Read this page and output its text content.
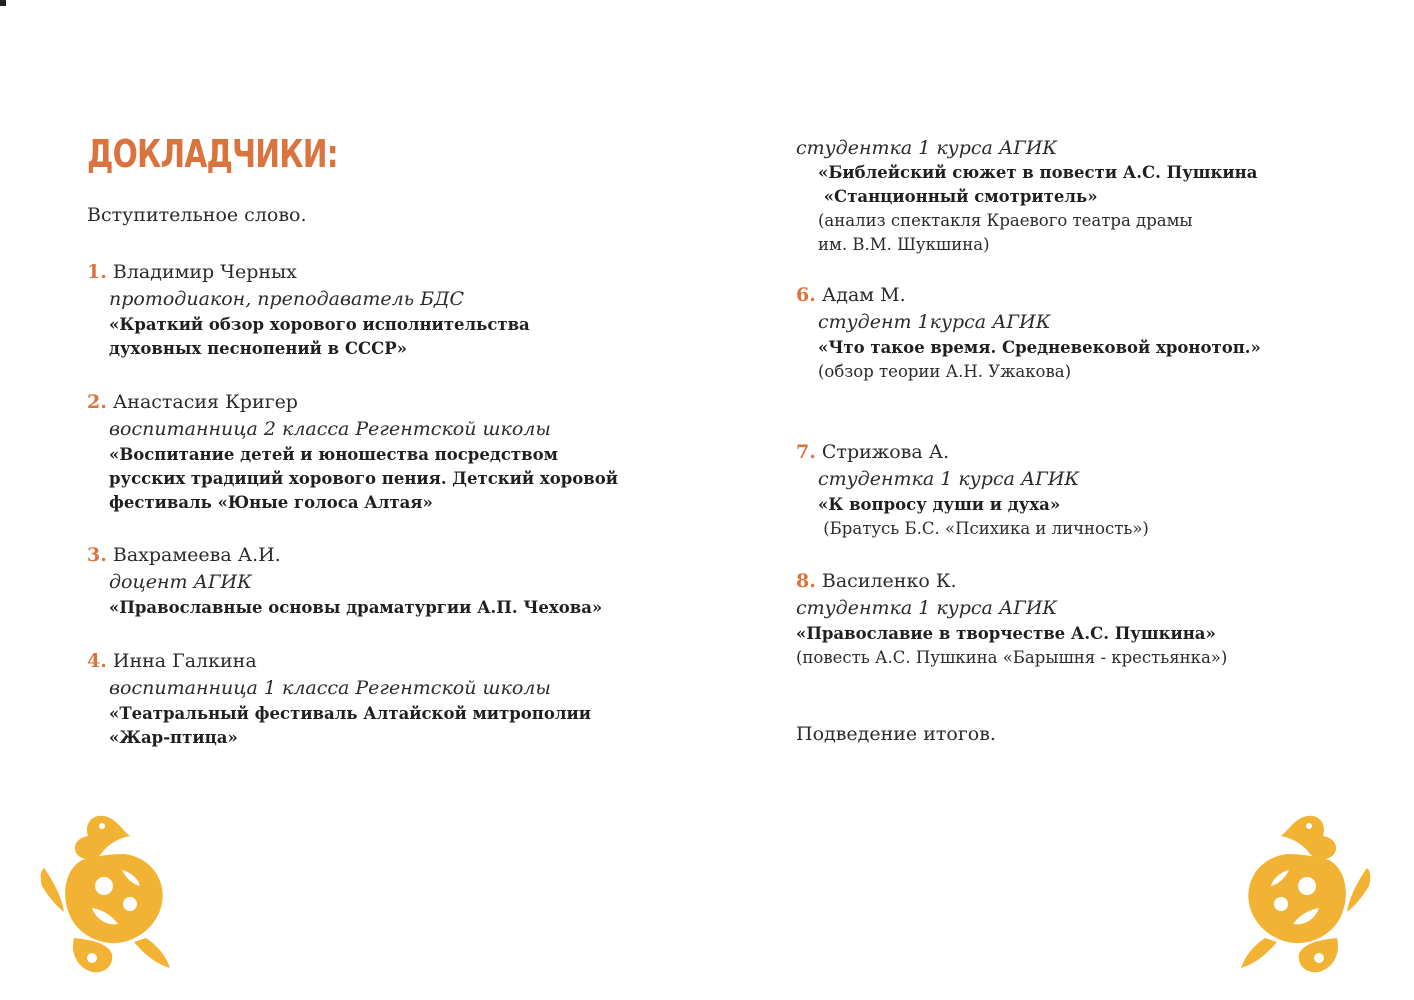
ДОКЛАДЧИКИ:
Вступительное слово.
1. Владимир Черных
протодиакон, преподаватель БДС
«Краткий обзор хорового исполнительства
духовных песнопений в СССР»
2. Анастасия Кригер
воспитанница 2 класса Регентской школы
«Воспитание детей и юношества посредством
русских традиций хорового пения. Детский хоровой
фестиваль «Юные голоса Алтая»
3. Вахрамеева А.И.
доцент АГИК
«Православные основы драматургии А.П. Чехова»
4. Инна Галкина
воспитанница 1 класса Регентской школы
«Театральный фестиваль Алтайской митрополии
«Жар-птица»
студентка 1 курса АГИК
«Библейский сюжет в повести А.С. Пушкина
«Станционный смотритель»
(анализ спектакля Краевого театра драмы
им. В.М. Шукшина)
6. Адам М.
студент 1курса АГИК
«Что такое время. Средневековой хронотоп.»
(обзор теории А.Н. Ужакова)
7. Стрижова А.
студентка 1 курса АГИК
«К вопросу души и духа»
(Братусь Б.С. «Психика и личность»)
8. Василенко К.
студентка 1 курса АГИК
«Православие в творчестве А.С. Пушкина»
(повесть А.С. Пушкина «Барышня - крестьянка»)
Подведение итогов.
